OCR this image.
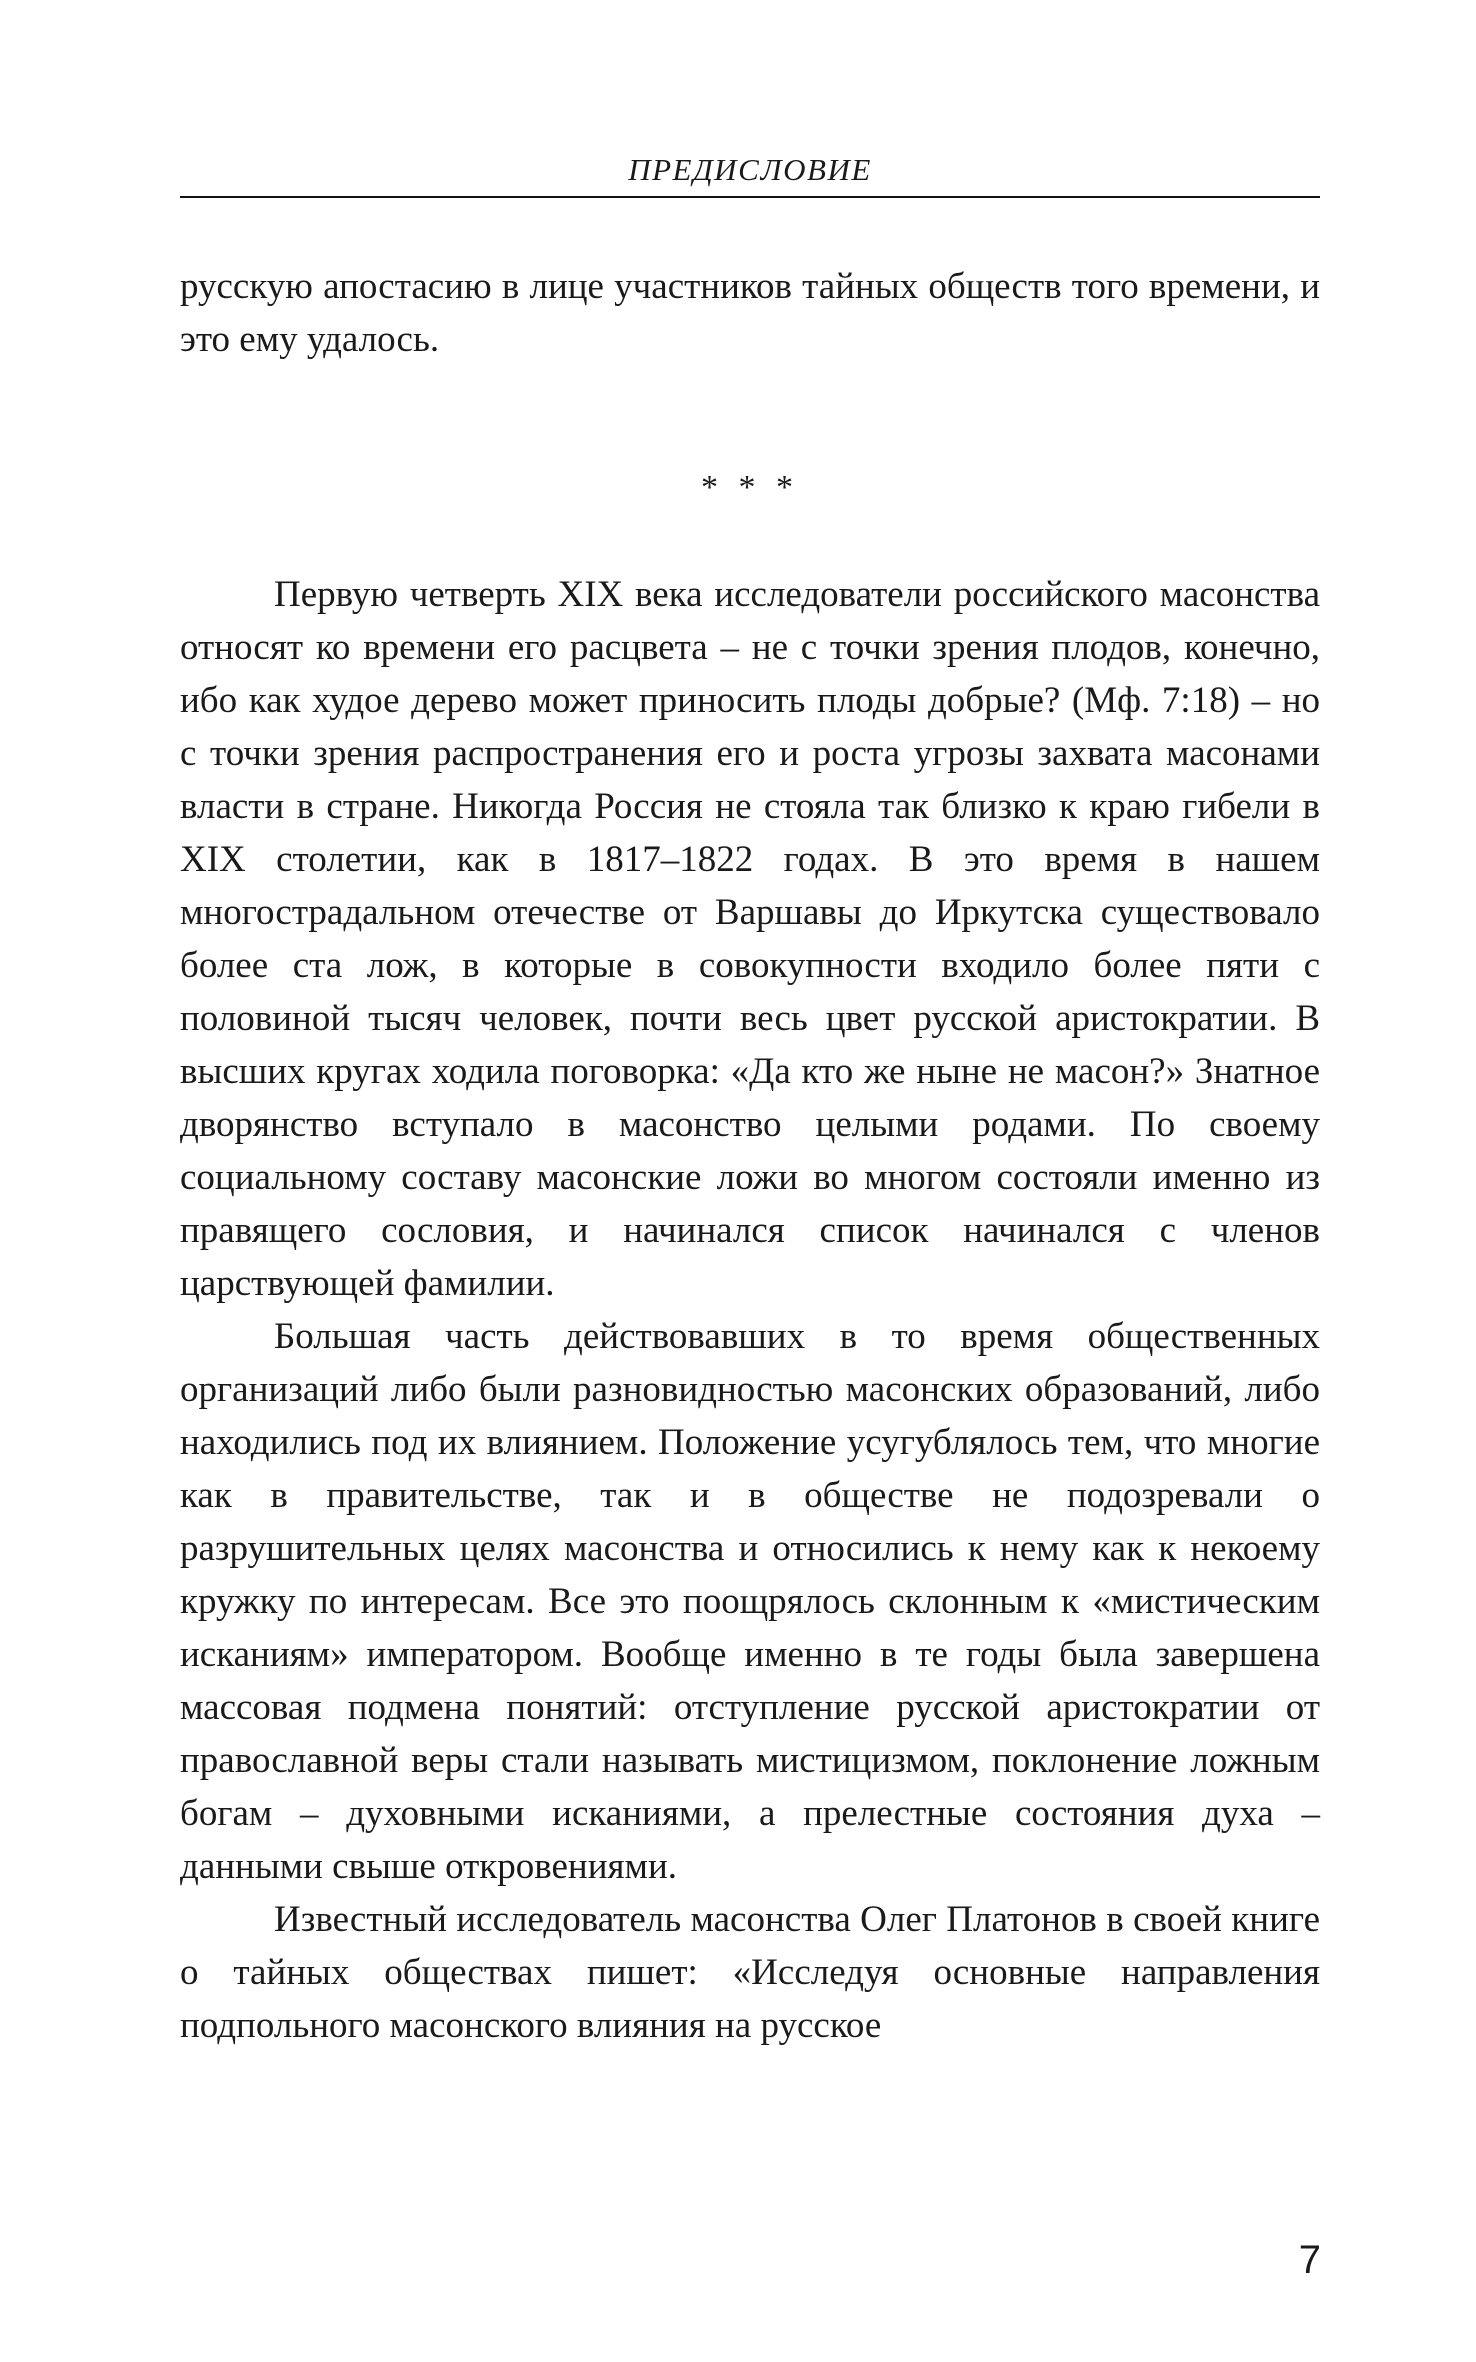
ПРЕДИСЛОВИЕ

русскую апостасию в лице участников тайных обществ того времени, и это ему удалось.

* * *

Первую четверть XIX века исследователи российского масонства относят ко времени его расцвета – не с точки зрения плодов, конечно, ибо как худое дерево может приносить плоды добрые? (Мф. 7:18) – но с точки зрения распространения его и роста угрозы захвата масонами власти в стране. Никогда Россия не стояла так близко к краю гибели в XIX столетии, как в 1817–1822 годах. В это время в нашем многострадальном отечестве от Варшавы до Иркутска существовало более ста лож, в которые в совокупности входило более пяти с половиной тысяч человек, почти весь цвет русской аристократии. В высших кругах ходила поговорка: «Да кто же ныне не масон?» Знатное дворянство вступало в масонство целыми родами. По своему социальному составу масонские ложи во многом состояли именно из правящего сословия, и начинался список начинался с членов царствующей фамилии.

Большая часть действовавших в то время общественных организаций либо были разновидностью масонских образований, либо находились под их влиянием. Положение усугублялось тем, что многие как в правительстве, так и в обществе не подозревали о разрушительных целях масонства и относились к нему как к некоему кружку по интересам. Все это поощрялось склонным к «мистическим исканиям» императором. Вообще именно в те годы была завершена массовая подмена понятий: отступление русской аристократии от православной веры стали называть мистицизмом, поклонение ложным богам – духовными исканиями, а прелестные состояния духа – данными свыше откровениями.

Известный исследователь масонства Олег Платонов в своей книге о тайных обществах пишет: «Исследуя основные направления подпольного масонского влияния на русское

7
